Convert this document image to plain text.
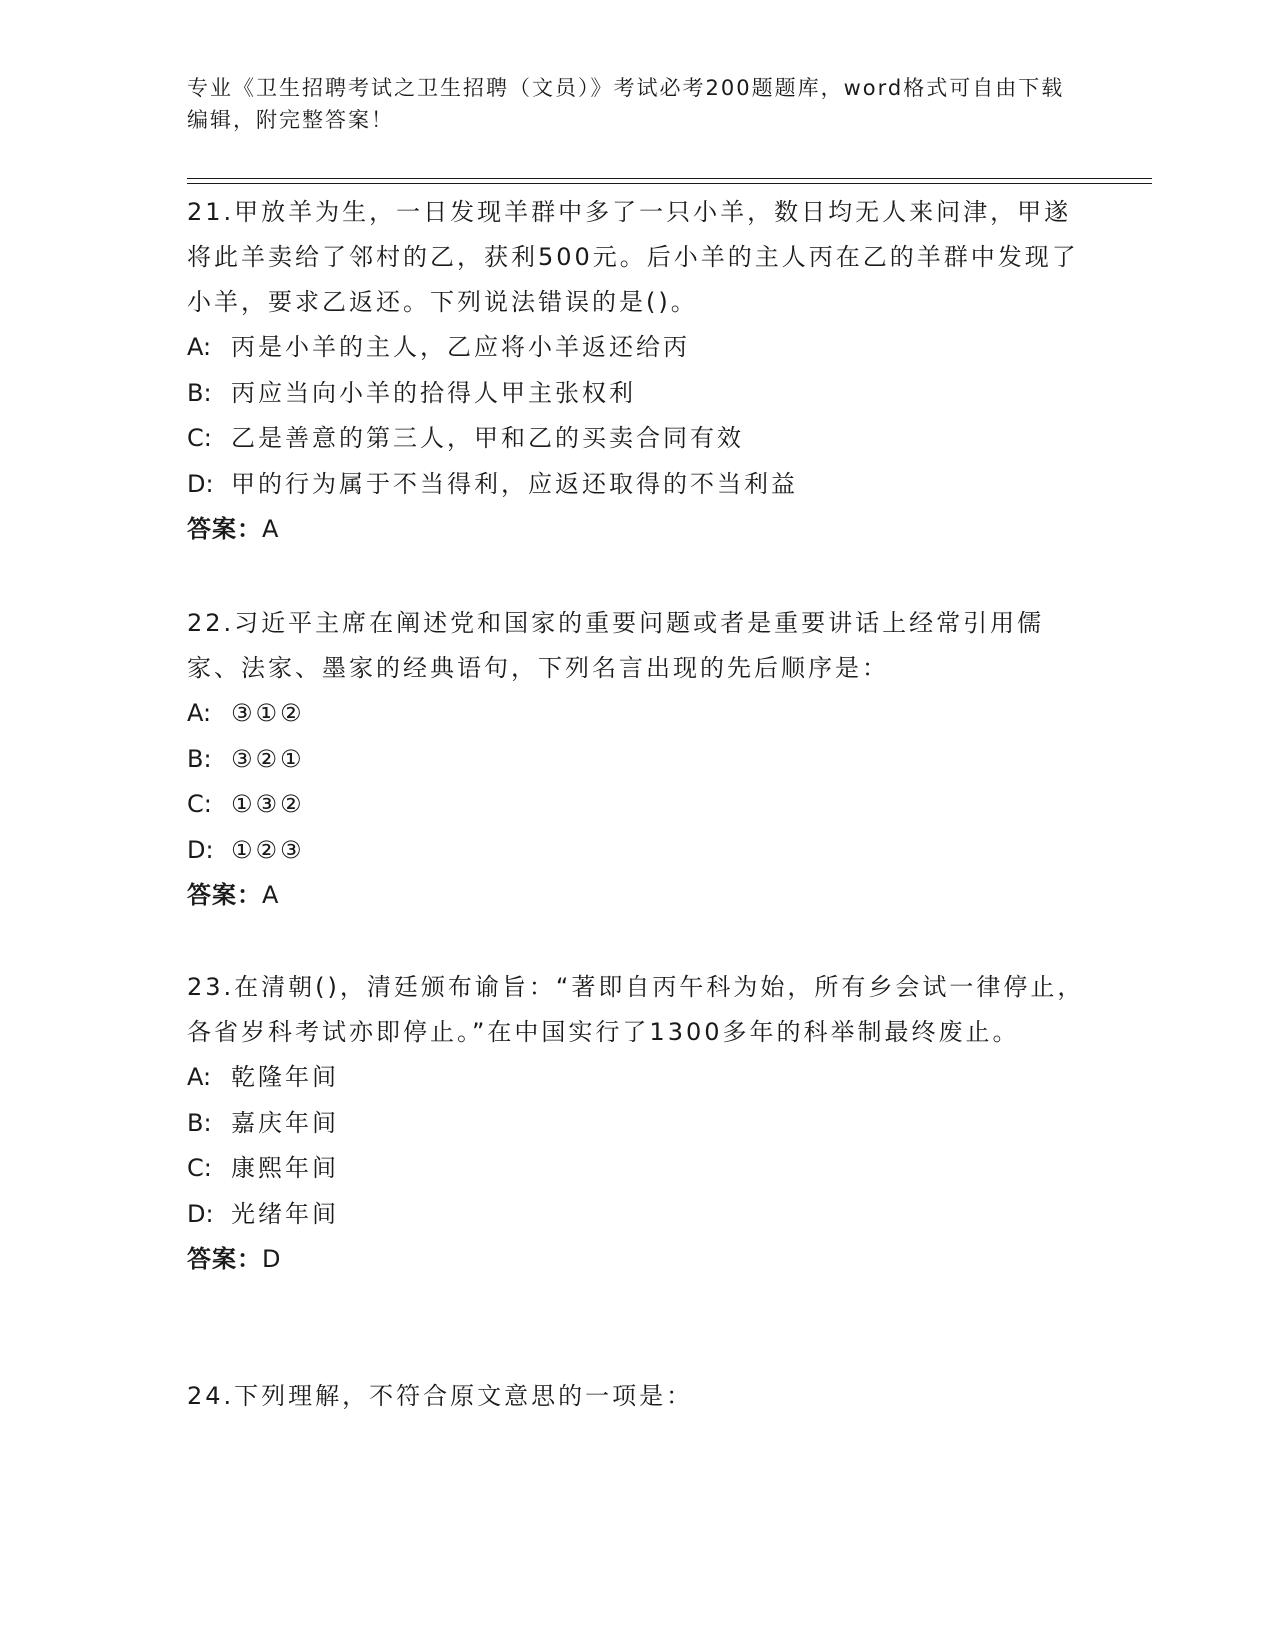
专业《卫生招聘考试之卫生招聘（文员）》考试必考200题题库，word格式可自由下载编辑，附完整答案！

21.甲放羊为生，一日发现羊群中多了一只小羊，数日均无人来问津，甲遂将此羊卖给了邻村的乙，获利500元。后小羊的主人丙在乙的羊群中发现了小羊，要求乙返还。下列说法错误的是()。

A: 丙是小羊的主人，乙应将小羊返还给丙

B: 丙应当向小羊的拾得人甲主张权利

C: 乙是善意的第三人，甲和乙的买卖合同有效

D: 甲的行为属于不当得利，应返还取得的不当利益

答案：A

22.习近平主席在阐述党和国家的重要问题或者是重要讲话上经常引用儒家、法家、墨家的经典语句，下列名言出现的先后顺序是：

A: ③①②

B: ③②①

C: ①③②

D: ①②③

答案：A

23.在清朝()，清廷颁布谕旨：“著即自丙午科为始，所有乡会试一律停止，各省岁科考试亦即停止。”在中国实行了1300多年的科举制最终废止。

A: 乾隆年间

B: 嘉庆年间

C: 康熙年间

D: 光绪年间

答案：D

24.下列理解，不符合原文意思的一项是：
